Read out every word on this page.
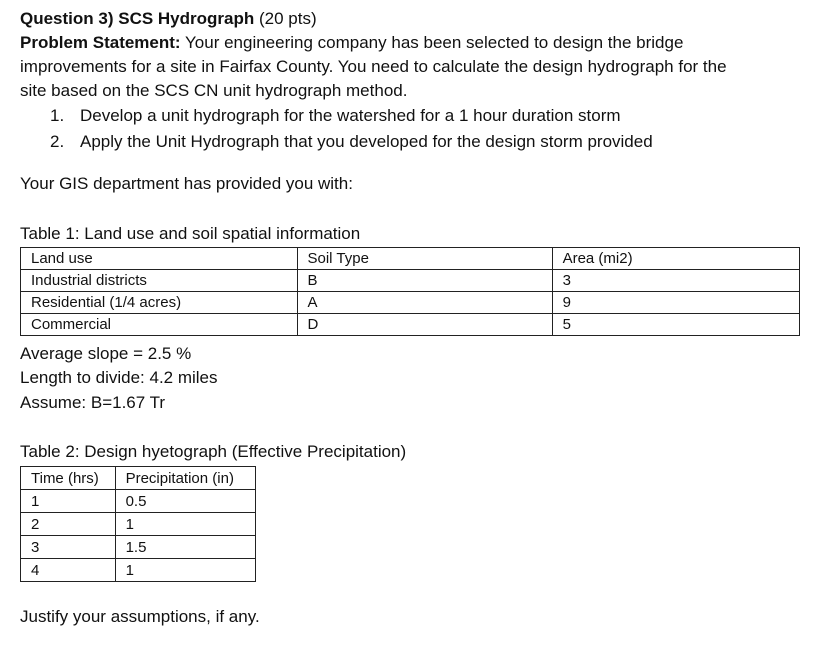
Question 3) SCS Hydrograph (20 pts)
Problem Statement: Your engineering company has been selected to design the bridge
improvements for a site in Fairfax County. You need to calculate the design hydrograph for the
site based on the SCS CN unit hydrograph method.
1. Develop a unit hydrograph for the watershed for a 1 hour duration storm
2. Apply the Unit Hydrograph that you developed for the design storm provided
Your GIS department has provided you with:
Table 1: Land use and soil spatial information
Land use	Soil Type	Area (mi2)
Industrial districts	B	3
Residential (1/4 acres)	A	9
Commercial	D	5
Average slope = 2.5 %
Length to divide: 4.2 miles
Assume: B=1.67 Tr
Table 2: Design hyetograph (Effective Precipitation)
Time (hrs)	Precipitation (in)
1	0.5
2	1
3	1.5
4	1
Justify your assumptions, if any.
